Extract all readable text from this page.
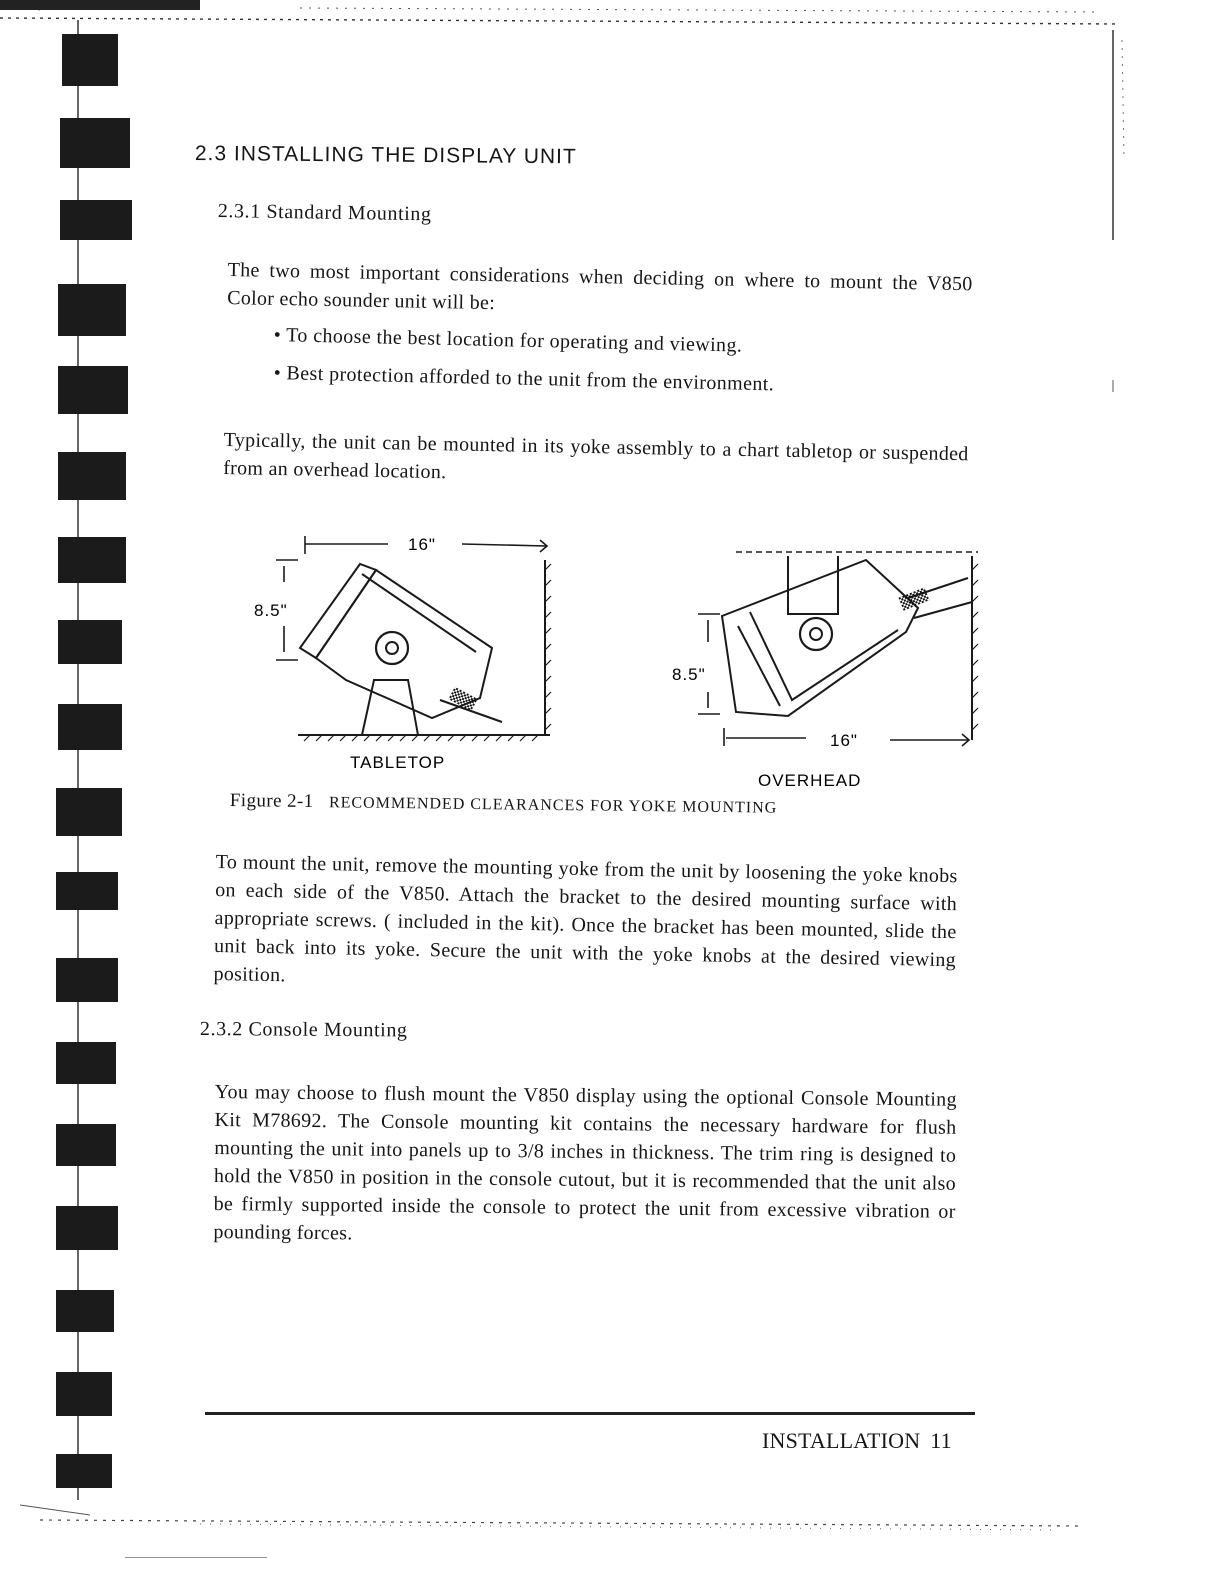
2.3 INSTALLING THE DISPLAY UNIT
2.3.1 Standard Mounting
The two most important considerations when deciding on where to mount the V850 Color echo sounder unit will be:
• To choose the best location for operating and viewing.
• Best protection afforded to the unit from the environment.
Typically, the unit can be mounted in its yoke assembly to a chart tabletop or suspended from an overhead location.
16"
8.5"
TABLETOP
8.5"
16"
OVERHEAD
Figure 2-1 RECOMMENDED CLEARANCES FOR YOKE MOUNTING
To mount the unit, remove the mounting yoke from the unit by loosening the yoke knobs on each side of the V850. Attach the bracket to the desired mounting surface with appropriate screws. ( included in the kit). Once the bracket has been mounted, slide the unit back into its yoke. Secure the unit with the yoke knobs at the desired viewing position.
2.3.2 Console Mounting
You may choose to flush mount the V850 display using the optional Console Mounting Kit M78692. The Console mounting kit contains the necessary hardware for flush mounting the unit into panels up to 3/8 inches in thickness. The trim ring is designed to hold the V850 in position in the console cutout, but it is recommended that the unit also be firmly supported inside the console to protect the unit from excessive vibration or pounding forces.
INSTALLATION 11
